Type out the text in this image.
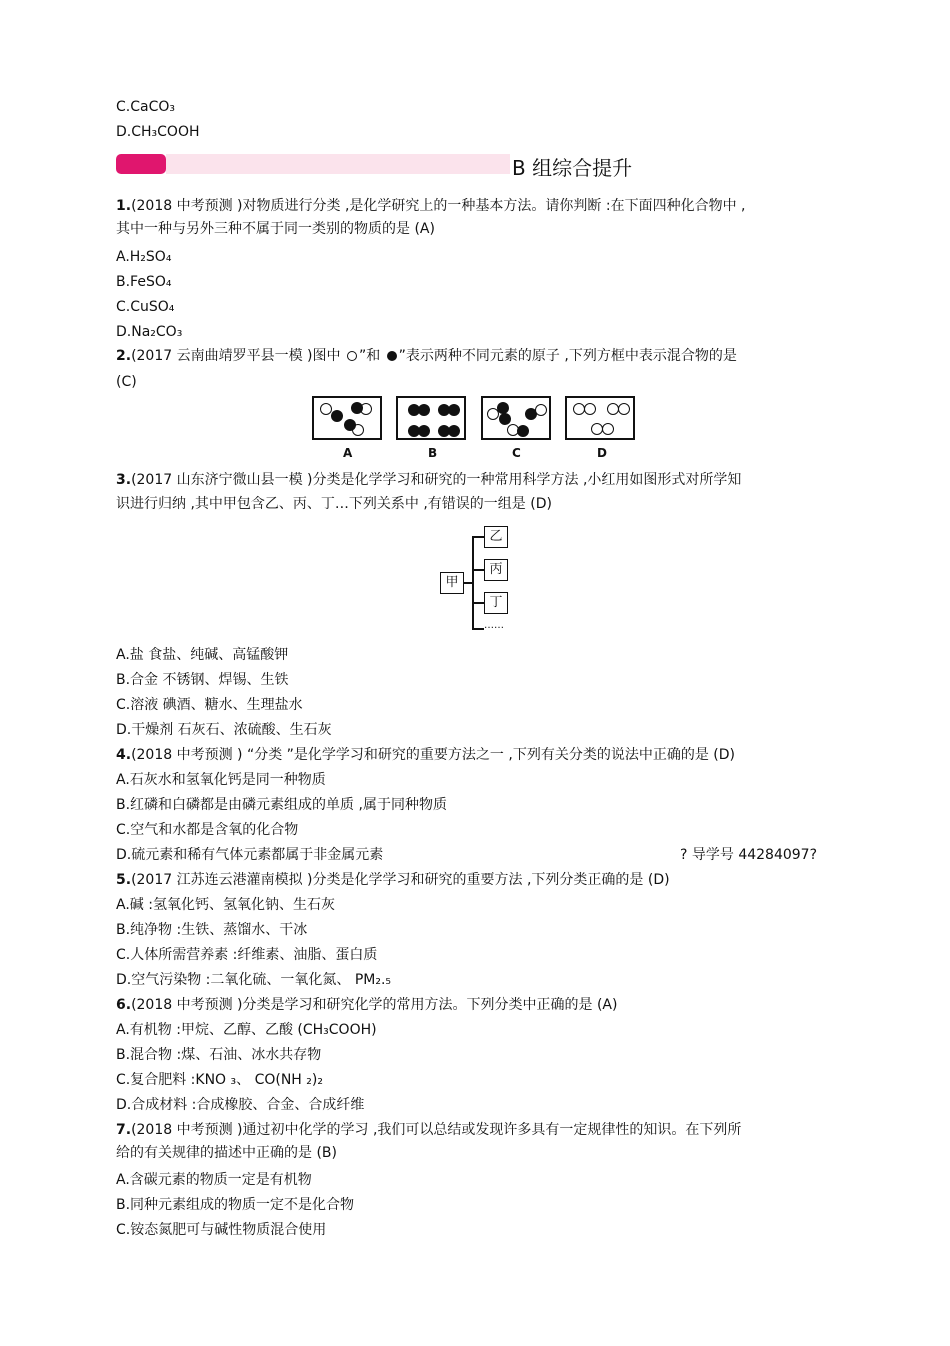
C.CaCO₃
D.CH₃COOH
B 组综合提升
1.(2018 中考预测 )对物质进行分类 ,是化学研究上的一种基本方法。请你判断 :在下面四种化合物中 ,
其中一种与另外三种不属于同一类别的物质的是 (A)
A.H₂SO₄
B.FeSO₄
C.CuSO₄
D.Na₂CO₃
2.(2017 云南曲靖罗平县一模 )图中 ”和 ”表示两种不同元素的原子 ,下列方框中表示混合物的是
(C)
A	B	C	D
3.(2017 山东济宁微山县一模 )分类是化学学习和研究的一种常用科学方法 ,小红用如图形式对所学知
识进行归纳 ,其中甲包含乙、丙、丁…下列关系中 ,有错误的一组是 (D)
甲
乙
丙
丁
……
A.盐 食盐、纯碱、高锰酸钾
B.合金 不锈钢、焊锡、生铁
C.溶液 碘酒、糖水、生理盐水
D.干燥剂 石灰石、浓硫酸、生石灰
4.(2018 中考预测 ) “分类 ”是化学学习和研究的重要方法之一 ,下列有关分类的说法中正确的是 (D)
A.石灰水和氢氧化钙是同一种物质
B.红磷和白磷都是由磷元素组成的单质 ,属于同种物质
C.空气和水都是含氧的化合物
D.硫元素和稀有气体元素都属于非金属元素	? 导学号 44284097?
5.(2017 江苏连云港灌南模拟 )分类是化学学习和研究的重要方法 ,下列分类正确的是 (D)
A.碱 :氢氧化钙、氢氧化钠、生石灰
B.纯净物 :生铁、蒸馏水、干冰
C.人体所需营养素 :纤维素、油脂、蛋白质
D.空气污染物 :二氧化硫、一氧化氮、 PM₂.₅
6.(2018 中考预测 )分类是学习和研究化学的常用方法。下列分类中正确的是 (A)
A.有机物 :甲烷、乙醇、乙酸 (CH₃COOH)
B.混合物 :煤、石油、冰水共存物
C.复合肥料 :KNO ₃、 CO(NH ₂)₂
D.合成材料 :合成橡胶、合金、合成纤维
7.(2018 中考预测 )通过初中化学的学习 ,我们可以总结或发现许多具有一定规律性的知识。在下列所
给的有关规律的描述中正确的是 (B)
A.含碳元素的物质一定是有机物
B.同种元素组成的物质一定不是化合物
C.铵态氮肥可与碱性物质混合使用
